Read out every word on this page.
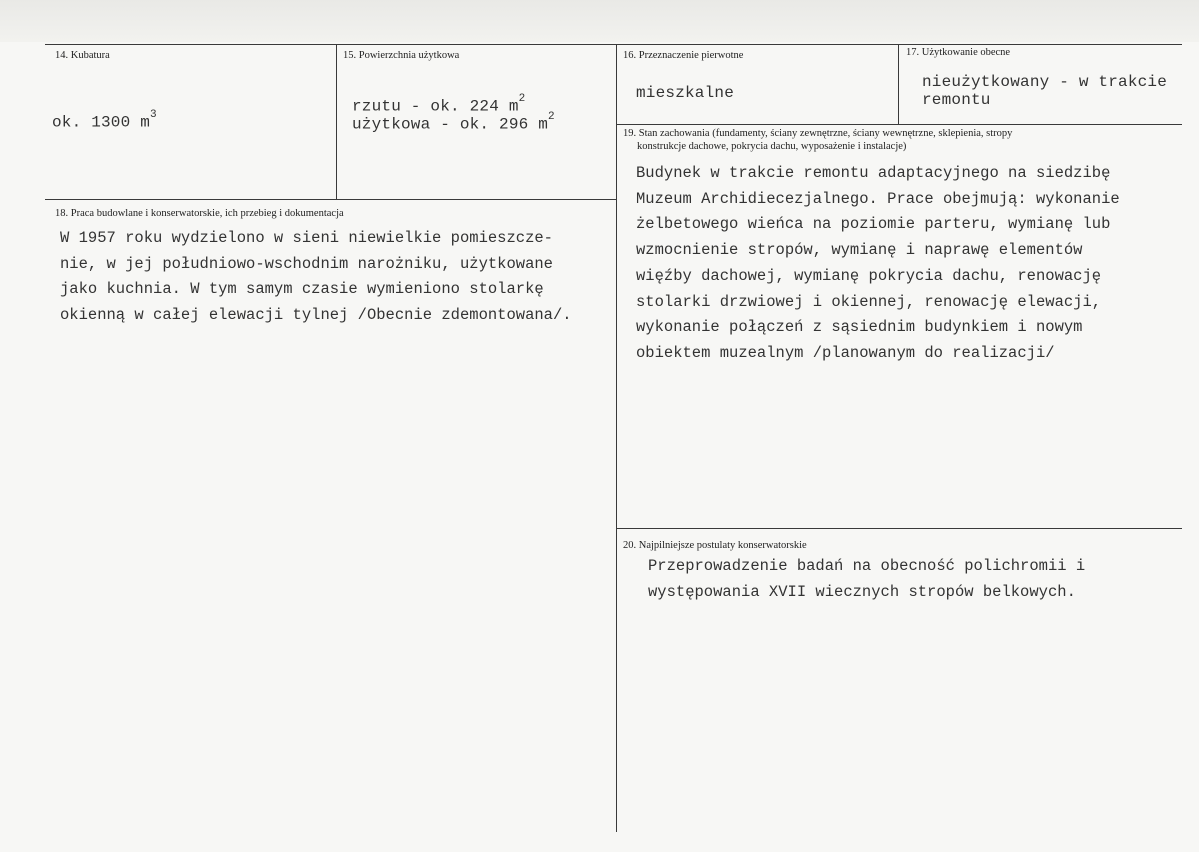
14. Kubatura
ok. 1300 $m^3$
15. Powierzchnia użytkowa
rzutu - ok. 224 $m^2$
użytkowa - ok. 296 $m^2$
16. Przeznaczenie pierwotne
mieszkalne
17. Użytkowanie obecne
nieużytkowany - w trakcie
remontu
18. Praca budowlane i konserwatorskie, ich przebieg i dokumentacja
W 1957 roku wydzielono w sieni niewielkie pomieszcze-
nie, w jej południowo-wschodnim narożniku, użytkowane
jako kuchnia. W tym samym czasie wymieniono stolarkę
okienną w całej elewacji tylnej /Obecnie zdemontowana/.
19. Stan zachowania (fundamenty, ściany zewnętrzne, ściany wewnętrzne, sklepienia, stropy
konstrukcje dachowe, pokrycia dachu, wyposażenie i instalacje)
Budynek w trakcie remontu adaptacyjnego na siedzibę
Muzeum Archidiecezjalnego. Prace obejmują: wykonanie
żelbetowego wieńca na poziomie parteru, wymianę lub
wzmocnienie stropów, wymianę i naprawę elementów
więźby dachowej, wymianę pokrycia dachu, renowację
stolarki drzwiowej i okiennej, renowację elewacji,
wykonanie połączeń z sąsiednim budynkiem i nowym
obiektem muzealnym /planowanym do realizacji/
20. Najpilniejsze postulaty konserwatorskie
Przeprowadzenie badań na obecność polichromii i
występowania XVII wiecznych stropów belkowych.
